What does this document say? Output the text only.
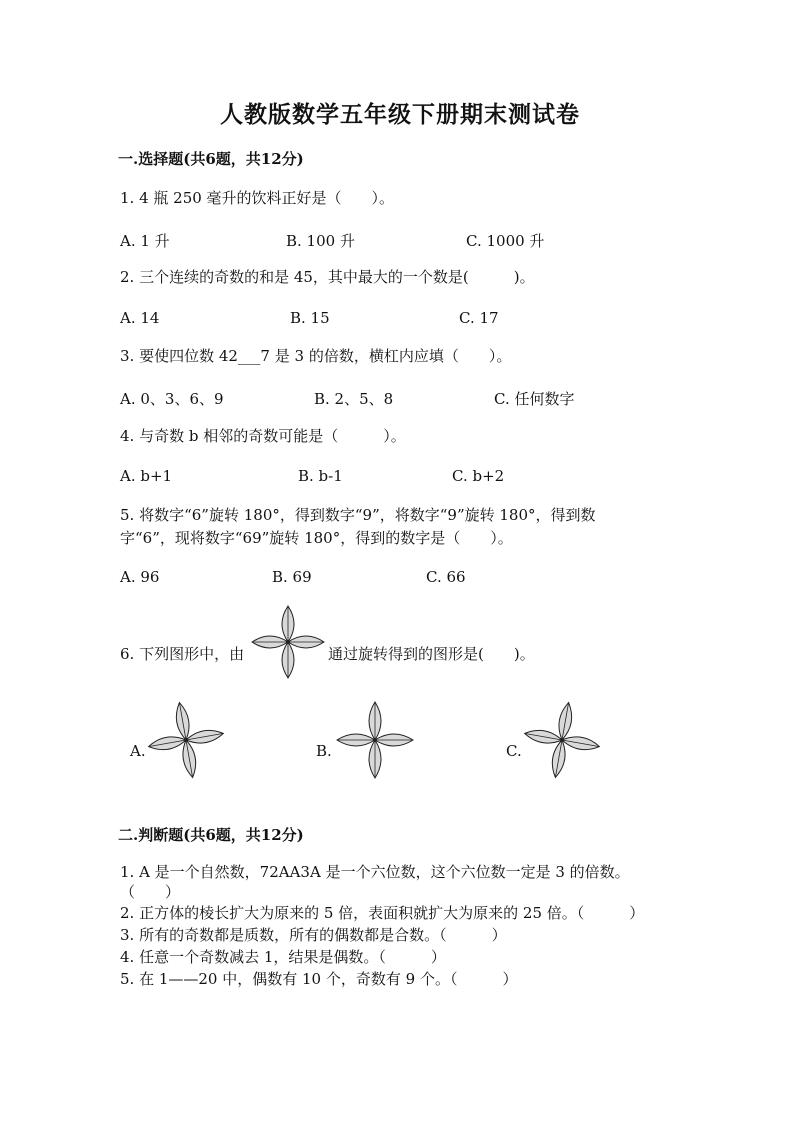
人教版数学五年级下册期末测试卷
一.选择题(共6题，共12分)
1. 4 瓶 250 毫升的饮料正好是（　　）。
A. 1 升	B. 100 升	C. 1000 升
2. 三个连续的奇数的和是 45，其中最大的一个数是(　　　)。
A. 14	B. 15	C. 17
3. 要使四位数 42___7 是 3 的倍数，横杠内应填（　　）。
A. 0、3、6、9	B. 2、5、8	C. 任何数字
4. 与奇数 b 相邻的奇数可能是（　　　）。
A. b+1	B. b-1	C. b+2
5. 将数字“6”旋转 180°，得到数字“9”，将数字“9”旋转 180°，得到数
字“6”，现将数字“69”旋转 180°，得到的数字是（　　）。
A. 96	B. 69	C. 66
6. 下列图形中，由	通过旋转得到的图形是(　　)。
A.	B.	C.
二.判断题(共6题，共12分)
1. A 是一个自然数，72AA3A 是一个六位数，这个六位数一定是 3 的倍数。
（　　）
2. 正方体的棱长扩大为原来的 5 倍，表面积就扩大为原来的 25 倍。（　　　）
3. 所有的奇数都是质数，所有的偶数都是合数。（　　　）
4. 任意一个奇数减去 1，结果是偶数。（　　　）
5. 在 1——20 中，偶数有 10 个，奇数有 9 个。（　　　）
